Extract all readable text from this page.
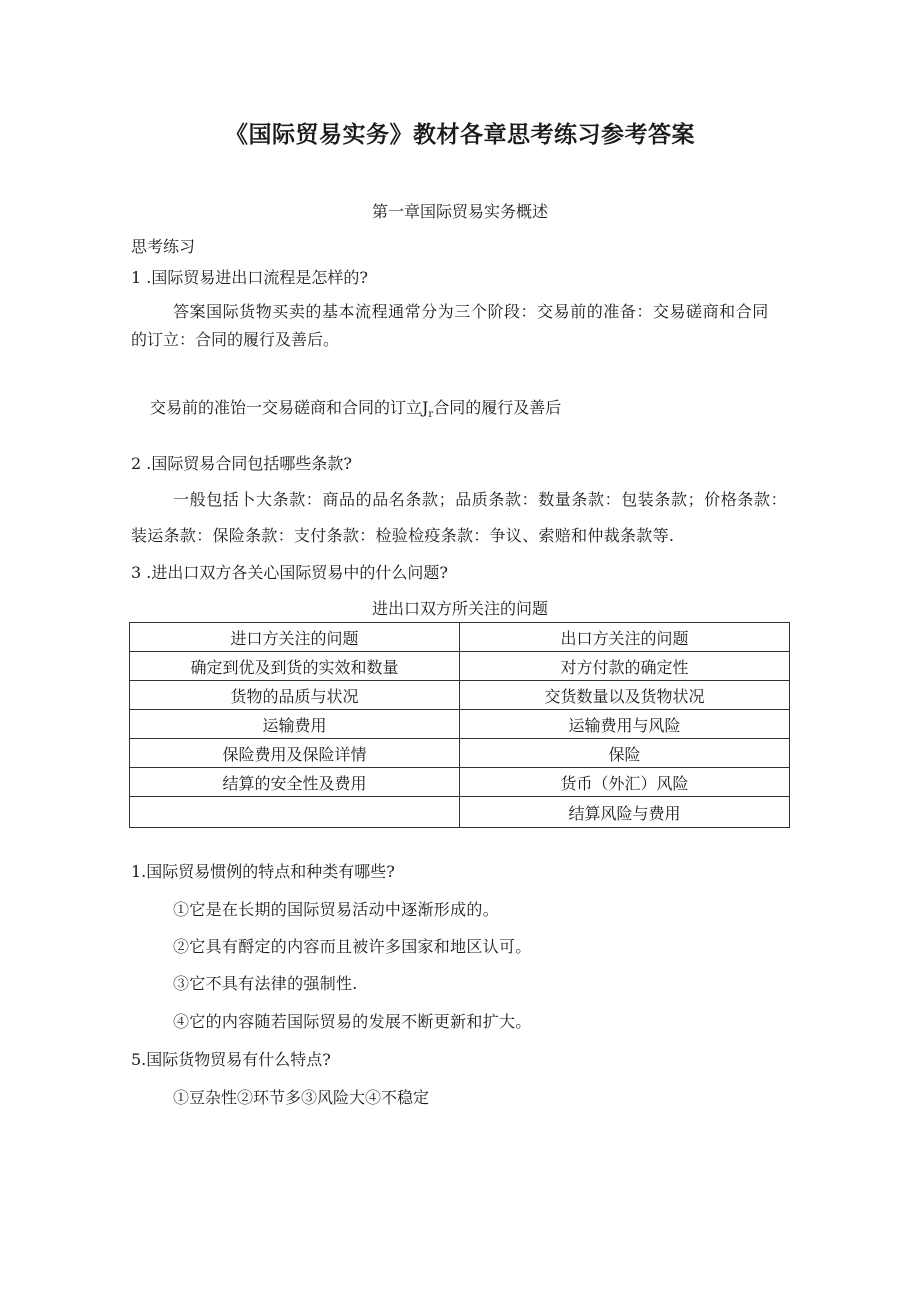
《国际贸易实务》教材各章思考练习参考答案
第一章国际贸易实务概述
思考练习
1 .国际贸易进出口流程是怎样的?
答案国际货物买卖的基本流程通常分为三个阶段：交易前的准备：交易磋商和合同
的订立：合同的履行及善后。
交易前的准饴一交易磋商和合同的订立$J_r$合同的履行及善后
2 .国际贸易合同包括哪些条款?
一般包括卜大条款：商品的品名条款；品质条款：数量条款：包装条款；价格条款：
装运条款：保险条款：支付条款：检验检疫条款：争议、索赔和仲裁条款等.
3 .进出口双方各关心国际贸易中的什么问题?
进出口双方所关注的问题
进口方关注的问题	出口方关注的问题
确定到优及到货的实效和数量	对方付款的确定性
货物的品质与状况	交货数量以及货物状况
运输费用	运输费用与风险
保险费用及保险详情	保险
结算的安全性及费用	货币（外汇）风险
	结算风险与费用
1.国际贸易惯例的特点和种类有哪些?
①它是在长期的国际贸易活动中逐渐形成的。
②它具有酹定的内容而且被许多国家和地区认可。
③它不具有法律的强制性.
④它的内容随若国际贸易的发展不断更新和扩大。
5.国际货物贸易有什么特点?
①豆杂性②环节多③风险大④不稳定
